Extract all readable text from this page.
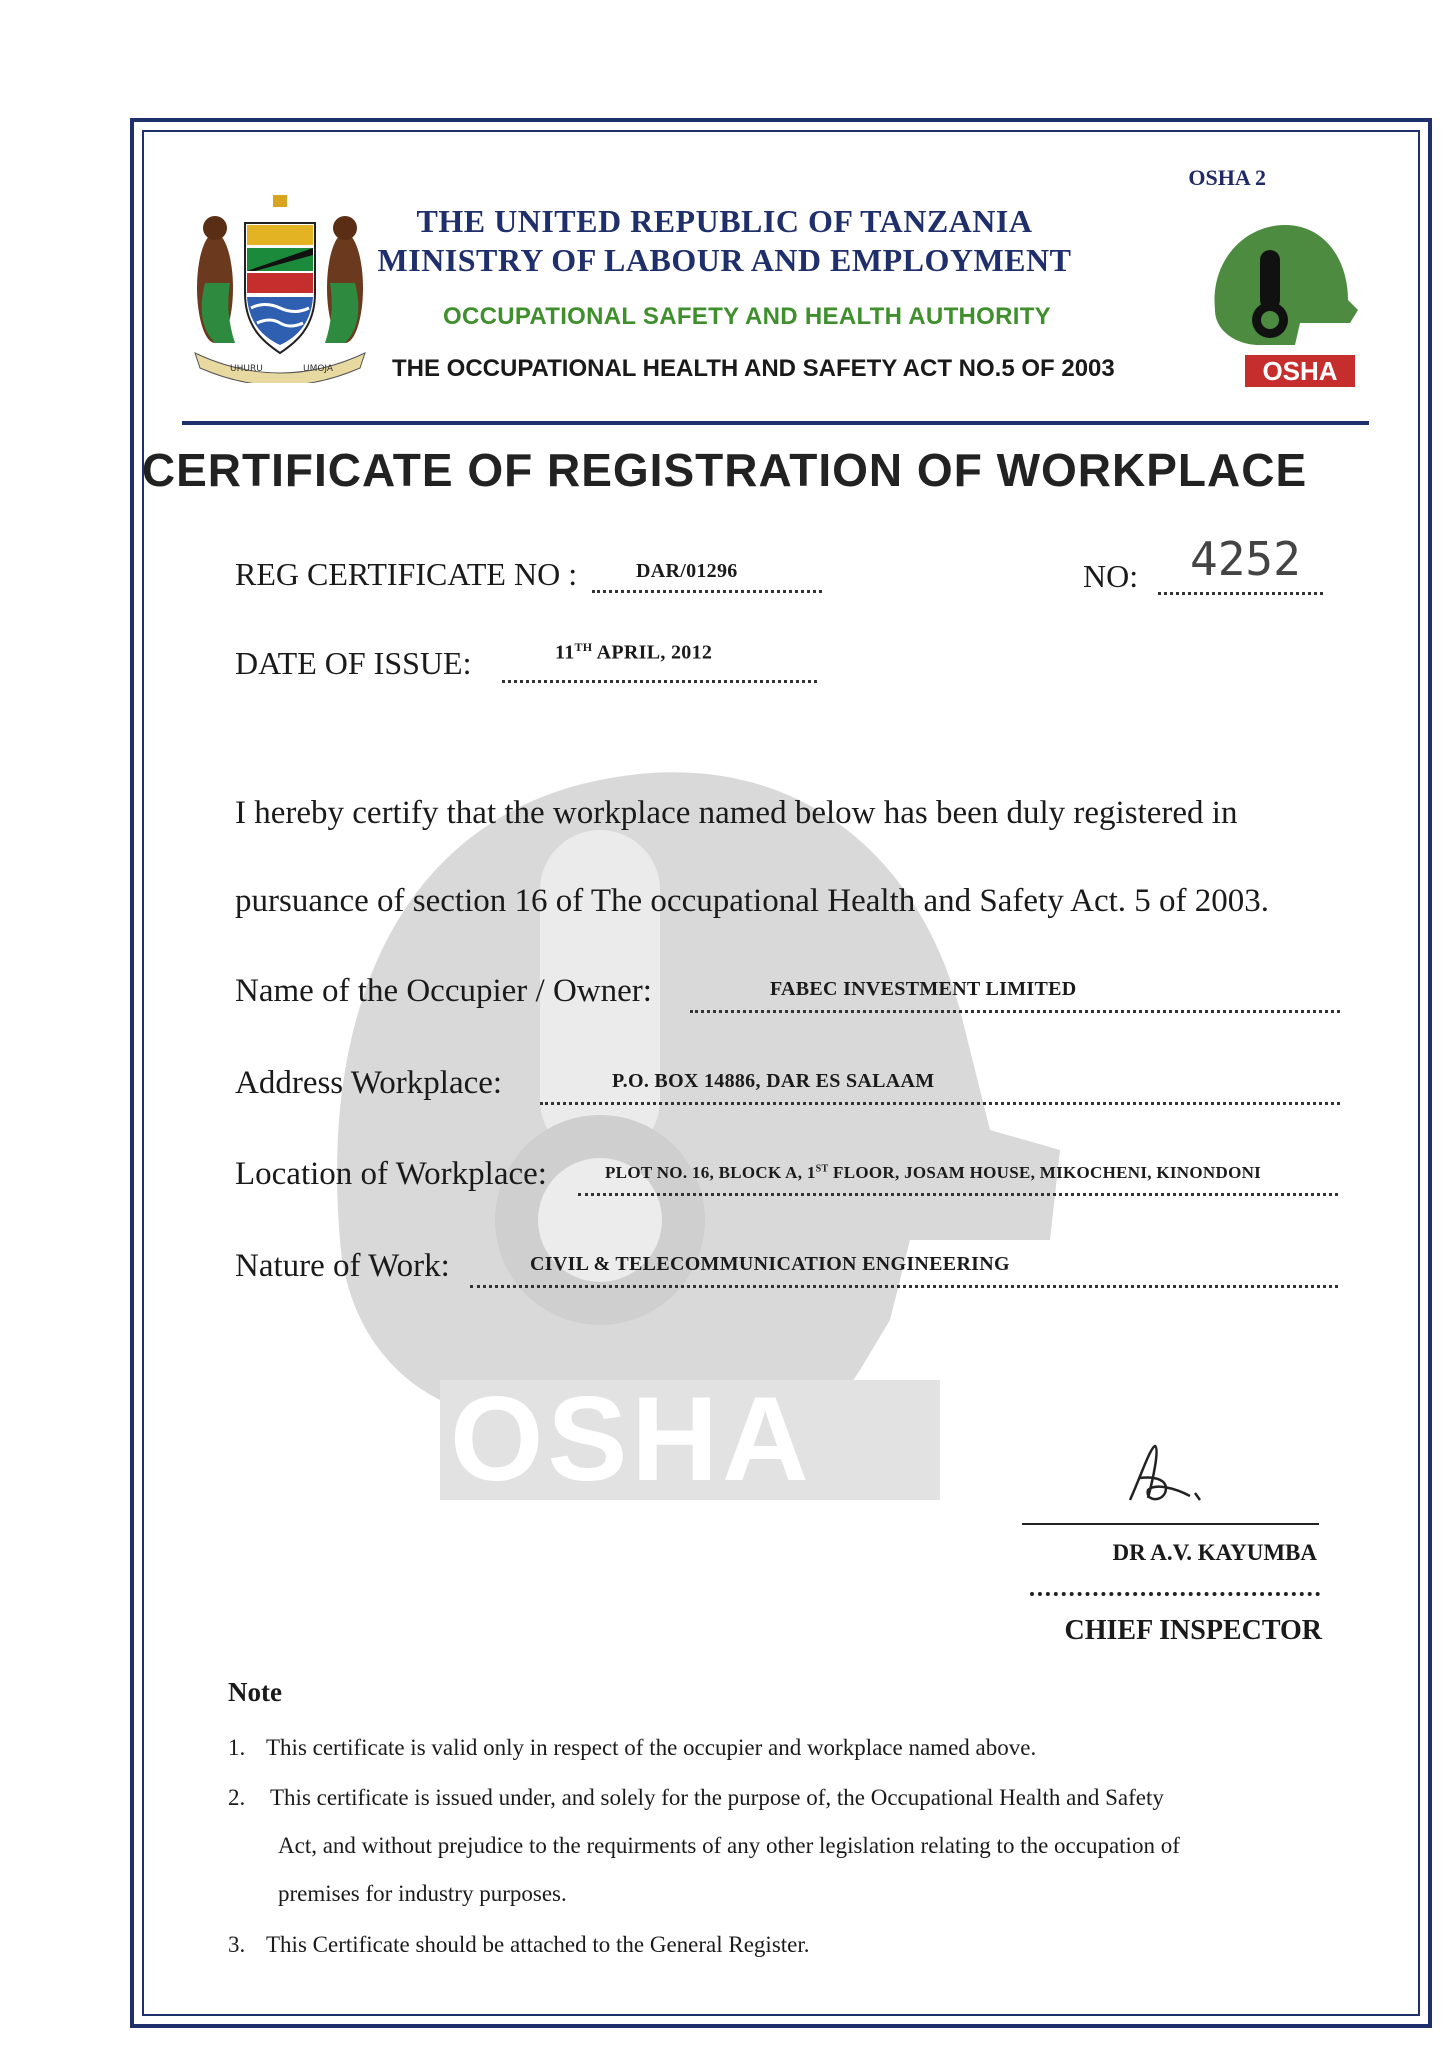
OSHA
UHURU	UMOJA	OSHA
OSHA 2
THE UNITED REPUBLIC OF TANZANIA
MINISTRY OF LABOUR AND EMPLOYMENT
OCCUPATIONAL SAFETY AND HEALTH AUTHORITY
THE OCCUPATIONAL HEALTH AND SAFETY ACT NO.5 OF 2003
CERTIFICATE OF REGISTRATION OF WORKPLACE
REG CERTIFICATE NO :	DAR/01296	NO: 4252
DATE OF ISSUE:	11TH APRIL, 2012
I hereby certify that the workplace named below has been duly registered in
pursuance of section 16 of The occupational Health and Safety Act. 5 of 2003.
Name of the Occupier / Owner:	FABEC INVESTMENT LIMITED
Address Workplace:	P.O. BOX 14886, DAR ES SALAAM
Location of Workplace:	PLOT NO. 16, BLOCK A, 1ST FLOOR, JOSAM HOUSE, MIKOCHENI, KINONDONI
Nature of Work:	CIVIL & TELECOMMUNICATION ENGINEERING
DR A.V. KAYUMBA
CHIEF INSPECTOR
Note
1. This certificate is valid only in respect of the occupier and workplace named above.
2. This certificate is issued under, and solely for the purpose of, the Occupational Health and Safety
Act, and without prejudice to the requirments of any other legislation relating to the occupation of
premises for industry purposes.
3. This Certificate should be attached to the General Register.
